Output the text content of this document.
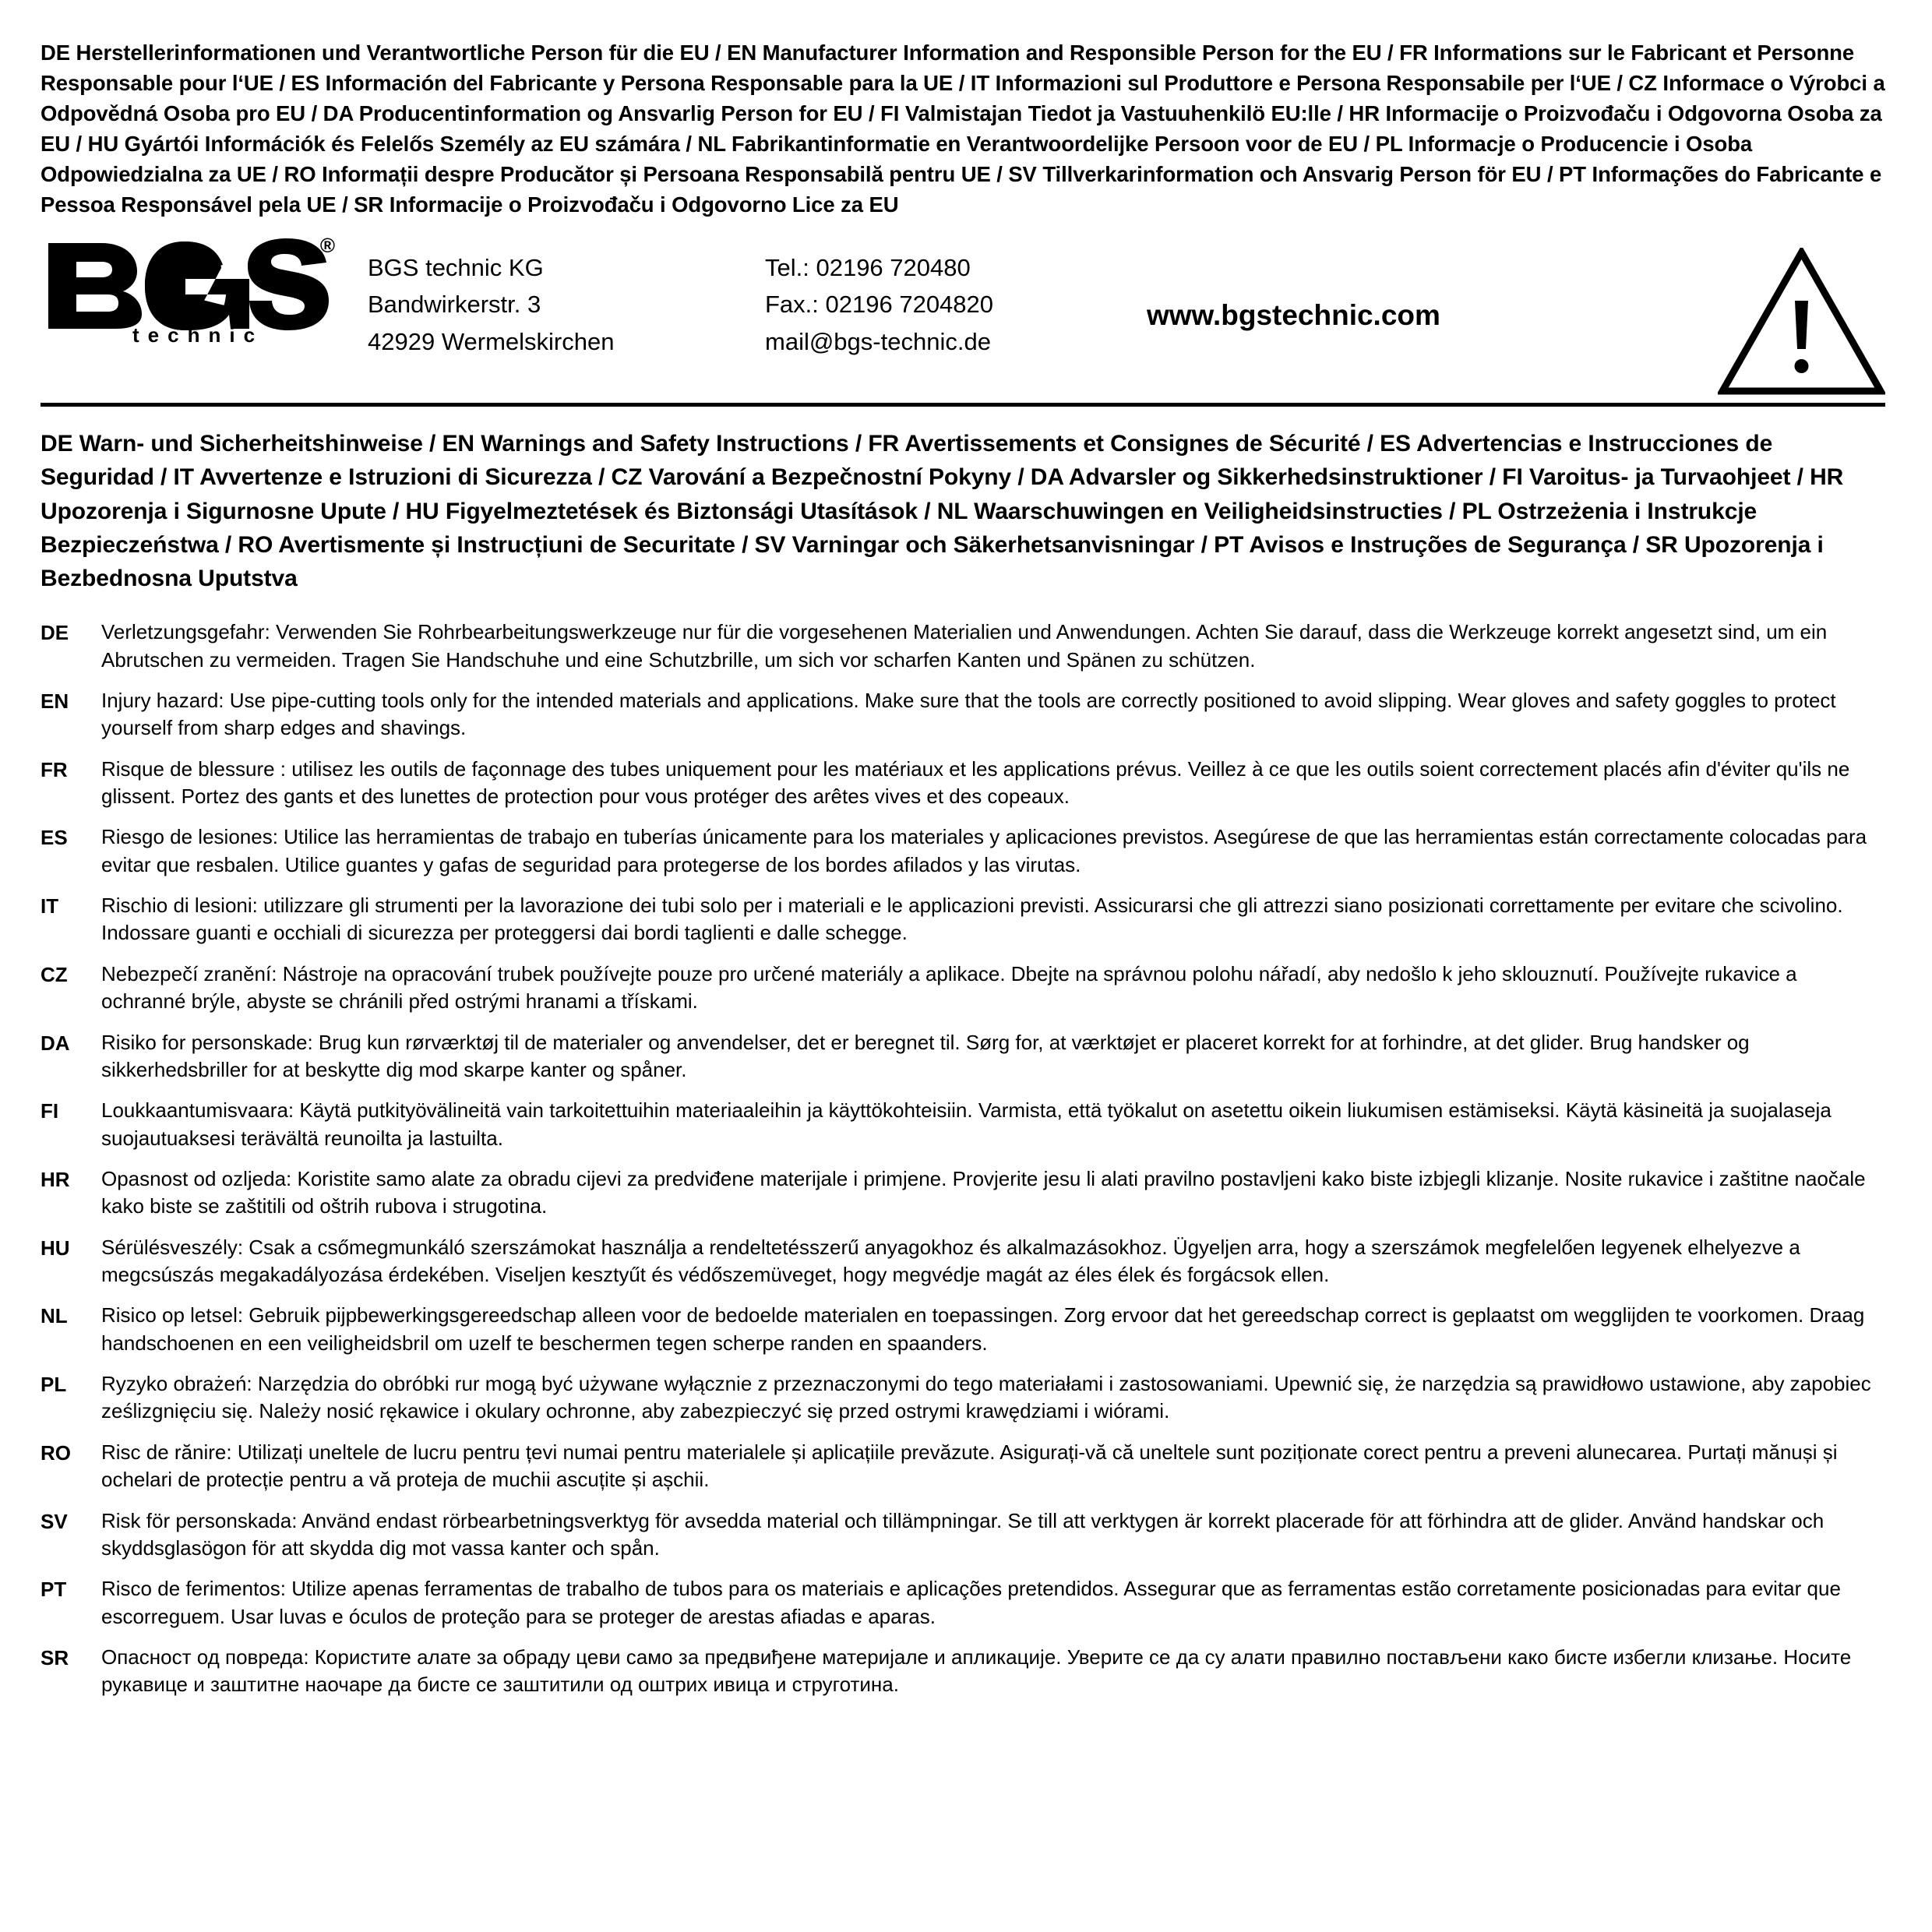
DE Herstellerinformationen und Verantwortliche Person für die EU / EN Manufacturer Information and Responsible Person for the EU / FR Informations sur le Fabricant et Personne Responsable pour l‘UE / ES Información del Fabricante y Persona Responsable para la UE / IT Informazioni sul Produttore e Persona Responsabile per l‘UE / CZ Informace o Výrobci a Odpovědná Osoba pro EU / DA Producentinformation og Ansvarlig Person for EU / FI Valmistajan Tiedot ja Vastuuhenkilö EU:lle / HR Informacije o Proizvođaču i Odgovorna Osoba za EU / HU Gyártói Információk és Felelős Személy az EU számára / NL Fabrikantinformatie en Verantwoordelijke Persoon voor de EU / PL Informacje o Producencie i Osoba Odpowiedzialna za UE / RO Informații despre Producător și Persoana Responsabilă pentru UE / SV Tillverkarinformation och Ansvarig Person för EU / PT Informações do Fabricante e Pessoa Responsável pela UE / SR Informacije o Proizvođaču i Odgovorno Lice za EU
®
technic
BGS technic KG
Bandwirkerstr. 3
42929 Wermelskirchen
Tel.: 02196 720480
Fax.: 02196 7204820
mail@bgs-technic.de
www.bgstechnic.com
DE Warn- und Sicherheitshinweise / EN Warnings and Safety Instructions / FR Avertissements et Consignes de Sécurité / ES Advertencias e Instrucciones de Seguridad / IT Avvertenze e Istruzioni di Sicurezza / CZ Varování a Bezpečnostní Pokyny / DA Advarsler og Sikkerhedsinstruktioner / FI Varoitus- ja Turvaohjeet / HR Upozorenja i Sigurnosne Upute / HU Figyelmeztetések és Biztonsági Utasítások / NL Waarschuwingen en Veiligheidsinstructies / PL Ostrzeżenia i Instrukcje Bezpieczeństwa / RO Avertismente și Instrucțiuni de Securitate / SV Varningar och Säkerhetsanvisningar / PT Avisos e Instruções de Segurança / SR Upozorenja i Bezbednosna Uputstva
DE	Verletzungsgefahr: Verwenden Sie Rohrbearbeitungswerkzeuge nur für die vorgesehenen Materialien und Anwendungen. Achten Sie darauf, dass die Werkzeuge korrekt angesetzt sind, um ein Abrutschen zu vermeiden. Tragen Sie Handschuhe und eine Schutzbrille, um sich vor scharfen Kanten und Spänen zu schützen.
EN	Injury hazard: Use pipe-cutting tools only for the intended materials and applications. Make sure that the tools are correctly positioned to avoid slipping. Wear gloves and safety goggles to protect yourself from sharp edges and shavings.
FR	Risque de blessure : utilisez les outils de façonnage des tubes uniquement pour les matériaux et les applications prévus. Veillez à ce que les outils soient correctement placés afin d'éviter qu'ils ne glissent. Portez des gants et des lunettes de protection pour vous protéger des arêtes vives et des copeaux.
ES	Riesgo de lesiones: Utilice las herramientas de trabajo en tuberías únicamente para los materiales y aplicaciones previstos. Asegúrese de que las herramientas están correctamente colocadas para evitar que resbalen. Utilice guantes y gafas de seguridad para protegerse de los bordes afilados y las virutas.
IT	Rischio di lesioni: utilizzare gli strumenti per la lavorazione dei tubi solo per i materiali e le applicazioni previsti. Assicurarsi che gli attrezzi siano posizionati correttamente per evitare che scivolino. Indossare guanti e occhiali di sicurezza per proteggersi dai bordi taglienti e dalle schegge.
CZ	Nebezpečí zranění: Nástroje na opracování trubek používejte pouze pro určené materiály a aplikace. Dbejte na správnou polohu nářadí, aby nedošlo k jeho sklouznutí. Používejte rukavice a ochranné brýle, abyste se chránili před ostrými hranami a třískami.
DA	Risiko for personskade: Brug kun rørværktøj til de materialer og anvendelser, det er beregnet til. Sørg for, at værktøjet er placeret korrekt for at forhindre, at det glider. Brug handsker og sikkerhedsbriller for at beskytte dig mod skarpe kanter og spåner.
FI	Loukkaantumisvaara: Käytä putkityövälineitä vain tarkoitettuihin materiaaleihin ja käyttökohteisiin. Varmista, että työkalut on asetettu oikein liukumisen estämiseksi. Käytä käsineitä ja suojalaseja suojautuaksesi terävältä reunoilta ja lastuilta.
HR	Opasnost od ozljeda: Koristite samo alate za obradu cijevi za predviđene materijale i primjene. Provjerite jesu li alati pravilno postavljeni kako biste izbjegli klizanje. Nosite rukavice i zaštitne naočale kako biste se zaštitili od oštrih rubova i strugotina.
HU	Sérülésveszély: Csak a csőmegmunkáló szerszámokat használja a rendeltetésszerű anyagokhoz és alkalmazásokhoz. Ügyeljen arra, hogy a szerszámok megfelelően legyenek elhelyezve a megcsúszás megakadályozása érdekében. Viseljen kesztyűt és védőszemüveget, hogy megvédje magát az éles élek és forgácsok ellen.
NL	Risico op letsel: Gebruik pijpbewerkingsgereedschap alleen voor de bedoelde materialen en toepassingen. Zorg ervoor dat het gereedschap correct is geplaatst om wegglijden te voorkomen. Draag handschoenen en een veiligheidsbril om uzelf te beschermen tegen scherpe randen en spaanders.
PL	Ryzyko obrażeń: Narzędzia do obróbki rur mogą być używane wyłącznie z przeznaczonymi do tego materiałami i zastosowaniami. Upewnić się, że narzędzia są prawidłowo ustawione, aby zapobiec ześlizgnięciu się. Należy nosić rękawice i okulary ochronne, aby zabezpieczyć się przed ostrymi krawędziami i wiórami.
RO	Risc de rănire: Utilizați uneltele de lucru pentru țevi numai pentru materialele și aplicațiile prevăzute. Asigurați-vă că uneltele sunt poziționate corect pentru a preveni alunecarea. Purtați mănuși și ochelari de protecție pentru a vă proteja de muchii ascuțite și așchii.
SV	Risk för personskada: Använd endast rörbearbetningsverktyg för avsedda material och tillämpningar. Se till att verktygen är korrekt placerade för att förhindra att de glider. Använd handskar och skyddsglasögon för att skydda dig mot vassa kanter och spån.
PT	Risco de ferimentos: Utilize apenas ferramentas de trabalho de tubos para os materiais e aplicações pretendidos. Assegurar que as ferramentas estão corretamente posicionadas para evitar que escorreguem. Usar luvas e óculos de proteção para se proteger de arestas afiadas e aparas.
SR	Опасност од повреда: Користите алате за обраду цеви само за предвиђене материјале и апликације. Уверите се да су алати правилно постављени како бисте избегли клизање. Носите рукавице и заштитне наочаре да бисте се заштитили од оштрих ивица и струготина.
